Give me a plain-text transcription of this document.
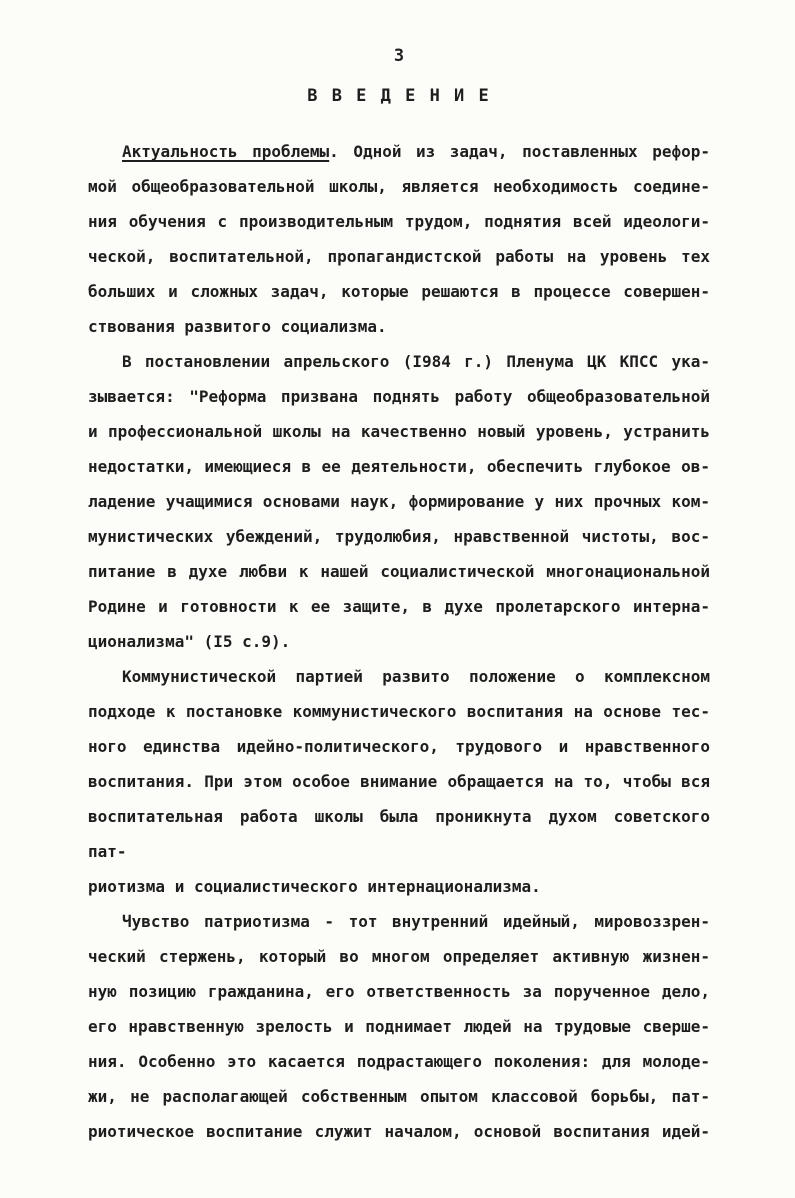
3
В В Е Д Е Н И Е
Актуальность проблемы. Одной из задач, поставленных рефор-
мой общеобразовательной школы, является необходимость соедине-
ния обучения с производительным трудом, поднятия всей идеологи-
ческой, воспитательной, пропагандистской работы на уровень тех
больших и сложных задач, которые решаются в процессе совершен-
ствования развитого социализма.
В постановлении апрельского (I984 г.) Пленума ЦК КПСС ука-
зывается: "Реформа призвана поднять работу общеобразовательной
и профессиональной школы на качественно новый уровень, устранить
недостатки, имеющиеся в ее деятельности, обеспечить глубокое ов-
ладение учащимися основами наук, формирование у них прочных ком-
мунистических убеждений, трудолюбия, нравственной чистоты, вос-
питание в духе любви к нашей социалистической многонациональной
Родине и готовности к ее защите, в духе пролетарского интерна-
ционализма" (I5 с.9).
Коммунистической партией развито положение о комплексном
подходе к постановке коммунистического воспитания на основе тес-
ного единства идейно-политического, трудового и нравственного
воспитания. При этом особое внимание обращается на то, чтобы вся
воспитательная работа школы была проникнута духом советского пат-
риотизма и социалистического интернационализма.
Чувство патриотизма - тот внутренний идейный, мировоззрен-
ческий стержень, который во многом определяет активную жизнен-
ную позицию гражданина, его ответственность за порученное дело,
его нравственную зрелость и поднимает людей на трудовые сверше-
ния. Особенно это касается подрастающего поколения: для молоде-
жи, не располагающей собственным опытом классовой борьбы, пат-
риотическое воспитание служит началом, основой воспитания идей-
